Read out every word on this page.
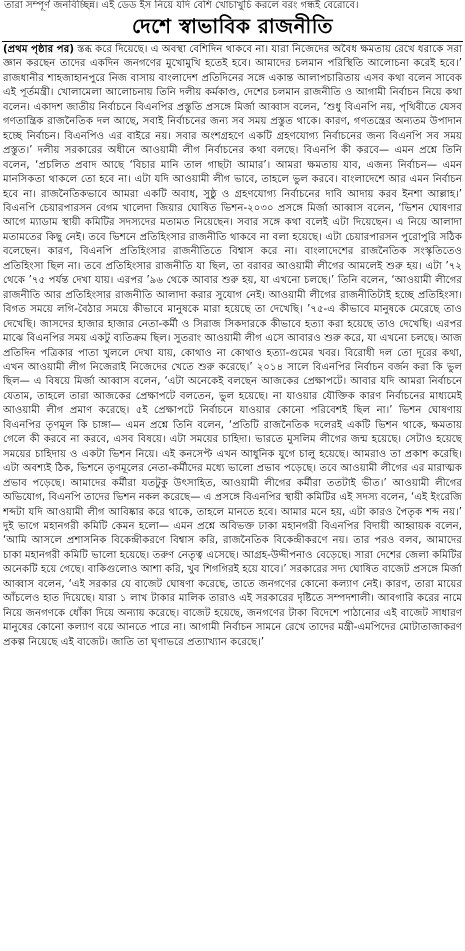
তারা সম্পূর্ণ জনবিচ্ছিন্ন। এই ডেড ইস নিয়ে যদি বেশি খোচাখুচি করলে বরং গন্ধই বেরোবে।
দেশে স্বাভাবিক রাজনীতি

(প্রথম পৃষ্ঠার পর) স্তব্ধ করে দিয়েছে। এ অবস্থা বেশিদিন থাকবে না। যারা নিজেদের অবৈধ ক্ষমতায় রেখে ধরাকে সরা জ্ঞান করছেন তাদের একদিন জনগণের মুখোমুখি হতেই হবে। আমাদের চলমান পরিস্থিতি আলোচনা করেই হবে।’ রাজধানীর শাহজাহানপুরে নিজ বাসায় বাংলাদেশ প্রতিদিনের সঙ্গে একান্ত আলাপচারিতায় এসব কথা বলেন সাবেক এই পূর্তমন্ত্রী। খোলামেলা আলোচনায় তিনি দলীয় কর্মকাণ্ড, দেশের চলমান রাজনীতি ও আগামী নির্বাচন নিয়ে কথা বলেন। একাদশ জাতীয় নির্বাচনে বিএনপির প্রস্তুতি প্রসঙ্গে মির্জা আব্বাস বলেন, ‘শুধু বিএনপি নয়, পৃথিবীতে যেসব গণতান্ত্রিক রাজনৈতিক দল আছে, সবাই নির্বাচনের জন্য সব সময় প্রস্তুত থাকে। কারণ, গণতন্ত্রের অন্যতম উপাদান হচ্ছে নির্বাচন। বিএনপিও এর বাইরে নয়। সবার অংশগ্রহণে একটি গ্রহণযোগ্য নির্বাচনের জন্য বিএনপি সব সময় প্রস্তুত।’ দলীয় সরকারের অধীনে আওয়ামী লীগ নির্বাচনের কথা বলছে। বিএনপি কী করবে— এমন প্রশ্নে তিনি বলেন, ‘প্রচলিত প্রবাদ আছে ‘বিচার মানি তাল গাছটা আমার’। আমরা ক্ষমতায় যাব, এজন্য নির্বাচন— এমন মানসিকতা থাকলে তো হবে না। এটা যদি আওয়ামী লীগ ভাবে, তাহলে ভুল করবে। বাংলাদেশে আর এমন নির্বাচন হবে না। রাজনৈতিকভাবে আমরা একটি অবাধ, সুষ্ঠু ও গ্রহণযোগ্য নির্বাচনের দাবি আদায় করব ইনশা আল্লাহ।’ বিএনপি চেয়ারপারসন বেগম খালেদা জিয়ার ঘোষিত ভিশন-২০৩০ প্রসঙ্গে মির্জা আব্বাস বলেন, ‘ভিশন ঘোষণার আগে ম্যাডাম স্থায়ী কমিটির সদস্যদের মতামত নিয়েছেন। সবার সঙ্গে কথা বলেই এটা দিয়েছেন। এ নিয়ে আলাদা মতামতের কিছু নেই। তবে ভিশনে প্রতিহিংসার রাজনীতি থাকবে না বলা হয়েছে। এটা চেয়ারপারসন পুরোপুরি সঠিক বলেছেন। কারণ, বিএনপি প্রতিহিংসার রাজনীতিতে বিশ্বাস করে না। বাংলাদেশের রাজনৈতিক সংস্কৃতিতেও প্রতিহিংসা ছিল না। তবে প্রতিহিংসার রাজনীতি যা ছিল, তা বরাবর আওয়ামী লীগের আমলেই শুরু হয়। এটা ’৭২ থেকে ’৭৫ পর্যন্ত দেখা যায়। এরপর ’৯৬ থেকে আবার শুরু হয়, যা এখনো চলছে।’ তিনি বলেন, ‘আওয়ামী লীগের রাজনীতি আর প্রতিহিংসার রাজনীতি আলাদা করার সুযোগ নেই। আওয়ামী লীগের রাজনীতিটাই হচ্ছে প্রতিহিংসা। বিগত সময়ে লগি-বৈঠার সময়ে কীভাবে মানুষকে মারা হয়েছে তা দেখেছি। ’৭৫-এ কীভাবে মানুষকে মেরেছে তাও দেখেছি। জাসদের হাজার হাজার নেতা-কর্মী ও সিরাজ সিকদারকে কীভাবে হত্যা করা হয়েছে তাও দেখেছি। এরপর মাঝে বিএনপির সময় একটু ব্যতিক্রম ছিল। সুতরাং আওয়ামী লীগ এসে আবারও শুরু করে, যা এখনো চলছে। আজ প্রতিদিন পত্রিকার পাতা খুললে দেখা যায়, কোথাও না কোথাও হত্যা-গুমের খবর। বিরোধী দল তো দূরের কথা, এখন আওয়ামী লীগ নিজেরাই নিজেদের খেতে শুরু করেছে।’ ২০১৪ সালে বিএনপির নির্বাচন বর্জন করা কি ভুল ছিল— এ বিষয়ে মির্জা আব্বাস বলেন, ‘এটা অনেকেই বলছেন আজকের প্রেক্ষাপটে। আবার যদি আমরা নির্বাচনে যেতাম, তাহলে তারা আজকের প্রেক্ষাপটে বলতেন, ভুল হয়েছে। না যাওয়ার যৌক্তিক কারণ নির্বাচনের মাধ্যমেই আওয়ামী লীগ প্রমাণ করেছে। ৫ই প্রেক্ষাপটে নির্বাচনে যাওয়ার কোনো পরিবেশই ছিল না।’ ভিশন ঘোষণায় বিএনপির তৃণমূল কি চাঙ্গা— এমন প্রশ্নে তিনি বলেন, ‘প্রতিটি রাজনৈতিক দলেরই একটি ভিশন থাকে, ক্ষমতায় গেলে কী করবে না করবে, এসব বিষয়ে। এটা সময়ের চাহিদা। ভারতে মুসলিম লীগের জন্ম হয়েছে। সেটাও হয়েছে সময়ের চাহিদায় ও একটা ভিশন নিয়ে। এই কনসেপ্ট এখন আধুনিক যুগে চালু হয়েছে। আমরাও তা প্রকাশ করেছি। এটা অবশ্যই ঠিক, ভিশনে তৃণমূলের নেতা-কর্মীদের মধ্যে ভালো প্রভাব পড়েছে। তবে আওয়ামী লীগের এর মারাত্মক প্রভাব পড়েছে। আমাদের কর্মীরা যতটুকু উৎসাহিত, আওয়ামী লীগের কর্মীরা ততটাই ভীত।’ আওয়ামী লীগের অভিযোগ, বিএনপি তাদের ভিশন নকল করেছে— এ প্রসঙ্গে বিএনপির স্থায়ী কমিটির এই সদস্য বলেন, ‘এই ইংরেজি শব্দটা যদি আওয়ামী লীগ আবিষ্কার করে থাকে, তাহলে মানতে হবে। আমার মনে হয়, এটা কারও পৈতৃক শব্দ নয়।’ দুই ভাগে মহানগরী কমিটি কেমন হলো— এমন প্রশ্নে অবিভক্ত ঢাকা মহানগরী বিএনপির বিদায়ী আহ্বায়ক বলেন, ‘আমি আসলে প্রশাসনিক বিকেন্দ্রীকরণে বিশ্বাস করি, রাজনৈতিক বিকেন্দ্রীকরণে নয়। তার পরও বলব, আমাদের চাকা মহানগরী কমিটি ভালো হয়েছে। তরুণ নেতৃত্ব এসেছে। আগ্রহ-উদ্দীপনাও বেড়েছে। সারা দেশের জেলা কমিটির অনেকটি হয়ে গেছে। বাকিগুলোও আশা করি, খুব শিগগিরই হয়ে যাবে।’ সরকারের সদ্য ঘোষিত বাজেট প্রসঙ্গে মির্জা আব্বাস বলেন, ‘এই সরকার যে বাজেট ঘোষণা করেছে, তাতে জনগণের কোনো কল্যাণ নেই। কারণ, তারা মায়ের আঁচলেও হাত দিয়েছে। যারা ১ লাখ টাকার মালিক তারাও এই সরকারের দৃষ্টিতে সম্পদশালী। আবগারি করের নামে নিয়ে জনগণকে ধোঁকা দিয়ে অন্যায় করেছে। বাজেট হয়েছে, জনগণের টাকা বিদেশে পাঠানোর এই বাজেট সাধারণ মানুষের কোনো কল্যাণ বয়ে আনতে পারে না। আগামী নির্বাচন সামনে রেখে তাদের মন্ত্রী-এমপিদের মোটাতাজাকরণ প্রকল্প নিয়েছে এই বাজেট। জাতি তা ঘৃণাভরে প্রত্যাখ্যান করেছে।’
